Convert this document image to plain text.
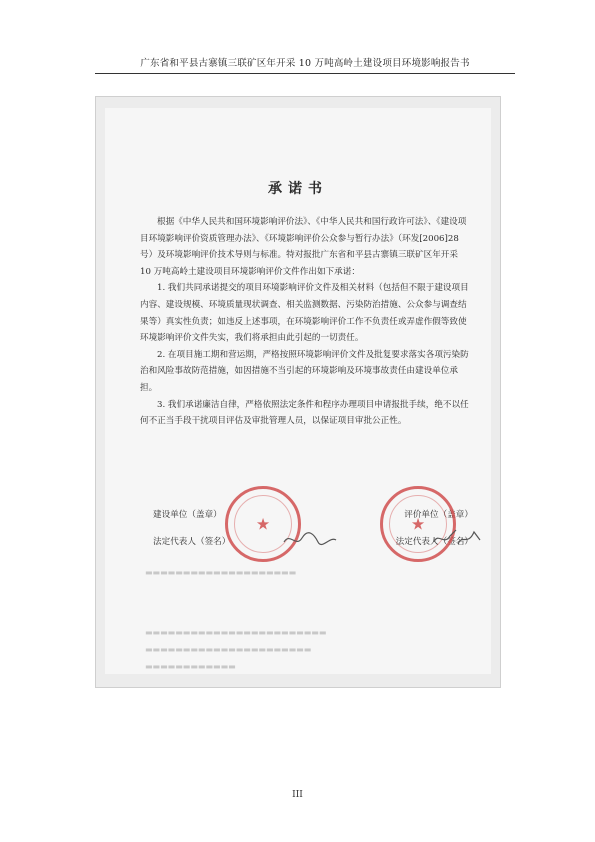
广东省和平县古寨镇三联矿区年开采 10 万吨高岭土建设项目环境影响报告书
承诺书

根据《中华人民共和国环境影响评价法》、《中华人民共和国行政许可法》、《建设项目环境影响评价资质管理办法》、《环境影响评价公众参与暂行办法》（环发[2006]28 号）及环境影响评价技术导则与标准。特对报批广东省和平县古寨镇三联矿区年开采 10 万吨高岭土建设项目环境影响评价文件作出如下承诺：

1. 我们共同承诺提交的项目环境影响评价文件及相关材料（包括但不限于建设项目内容、建设规模、环境质量现状调查、相关监测数据、污染防治措施、公众参与调查结果等）真实性负责；如违反上述事项，在环境影响评价工作不负责任或弄虚作假等致使环境影响评价文件失实，我们将承担由此引起的一切责任。

2. 在项目施工期和营运期，严格按照环境影响评价文件及批复要求落实各项污染防治和风险事故防范措施，如因措施不当引起的环境影响及环境事故责任由建设单位承担。

3. 我们承诺廉洁自律，严格依照法定条件和程序办理项目申请报批手续，绝不以任何不正当手段干扰项目评估及审批管理人员，以保证项目审批公正性。

建设单位（盖章）	评价单位（盖章）
法定代表人（签名）	法定代表人（签名）
★	★
▬▬▬▬▬▬▬▬▬▬▬▬▬▬▬▬▬▬▬▬
▬▬▬▬▬▬▬▬▬▬▬▬▬▬▬▬▬▬▬▬▬▬▬▬
▬▬▬▬▬▬▬▬▬▬▬▬▬▬▬▬▬▬▬▬▬▬
▬▬▬▬▬▬▬▬▬▬▬▬
III
